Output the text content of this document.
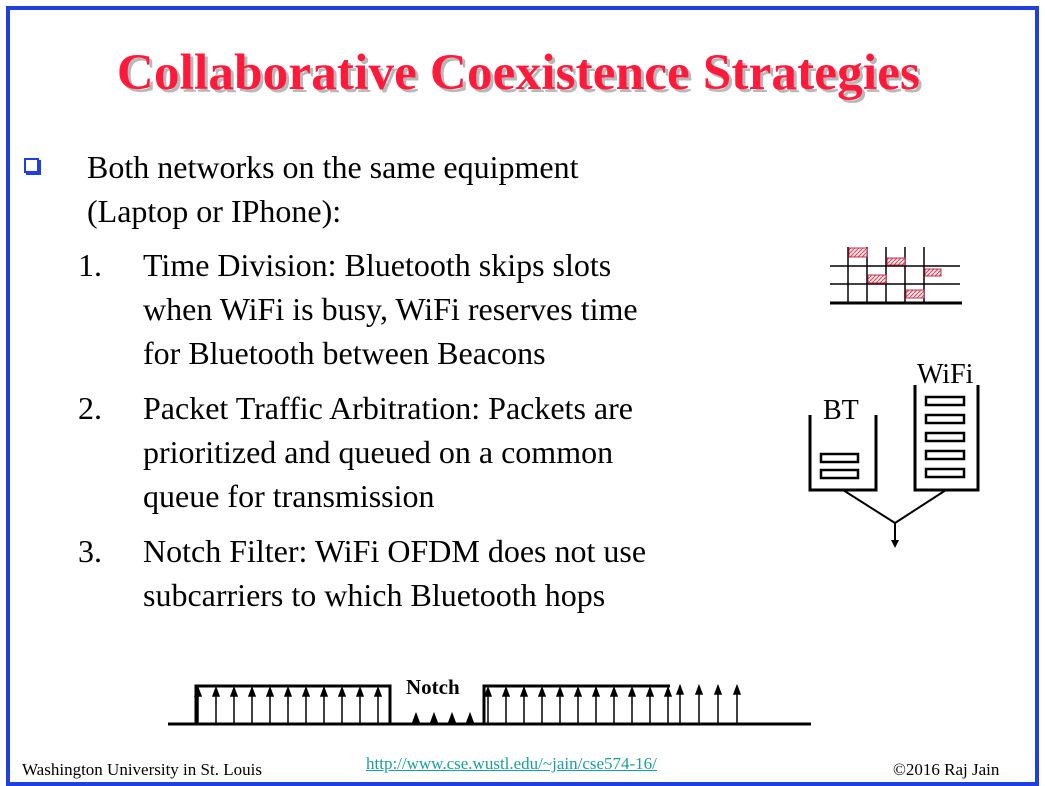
Collaborative Coexistence Strategies
Both networks on the same equipment
(Laptop or IPhone):
1. Time Division: Bluetooth skips slots
when WiFi is busy, WiFi reserves time
for Bluetooth between Beacons
2. Packet Traffic Arbitration: Packets are
prioritized and queued on a common
queue for transmission
3. Notch Filter: WiFi OFDM does not use
subcarriers to which Bluetooth hops
BT
WiFi
Notch
Washington University in St. Louis	http://www.cse.wustl.edu/~jain/cse574-16/	©2016 Raj Jain
